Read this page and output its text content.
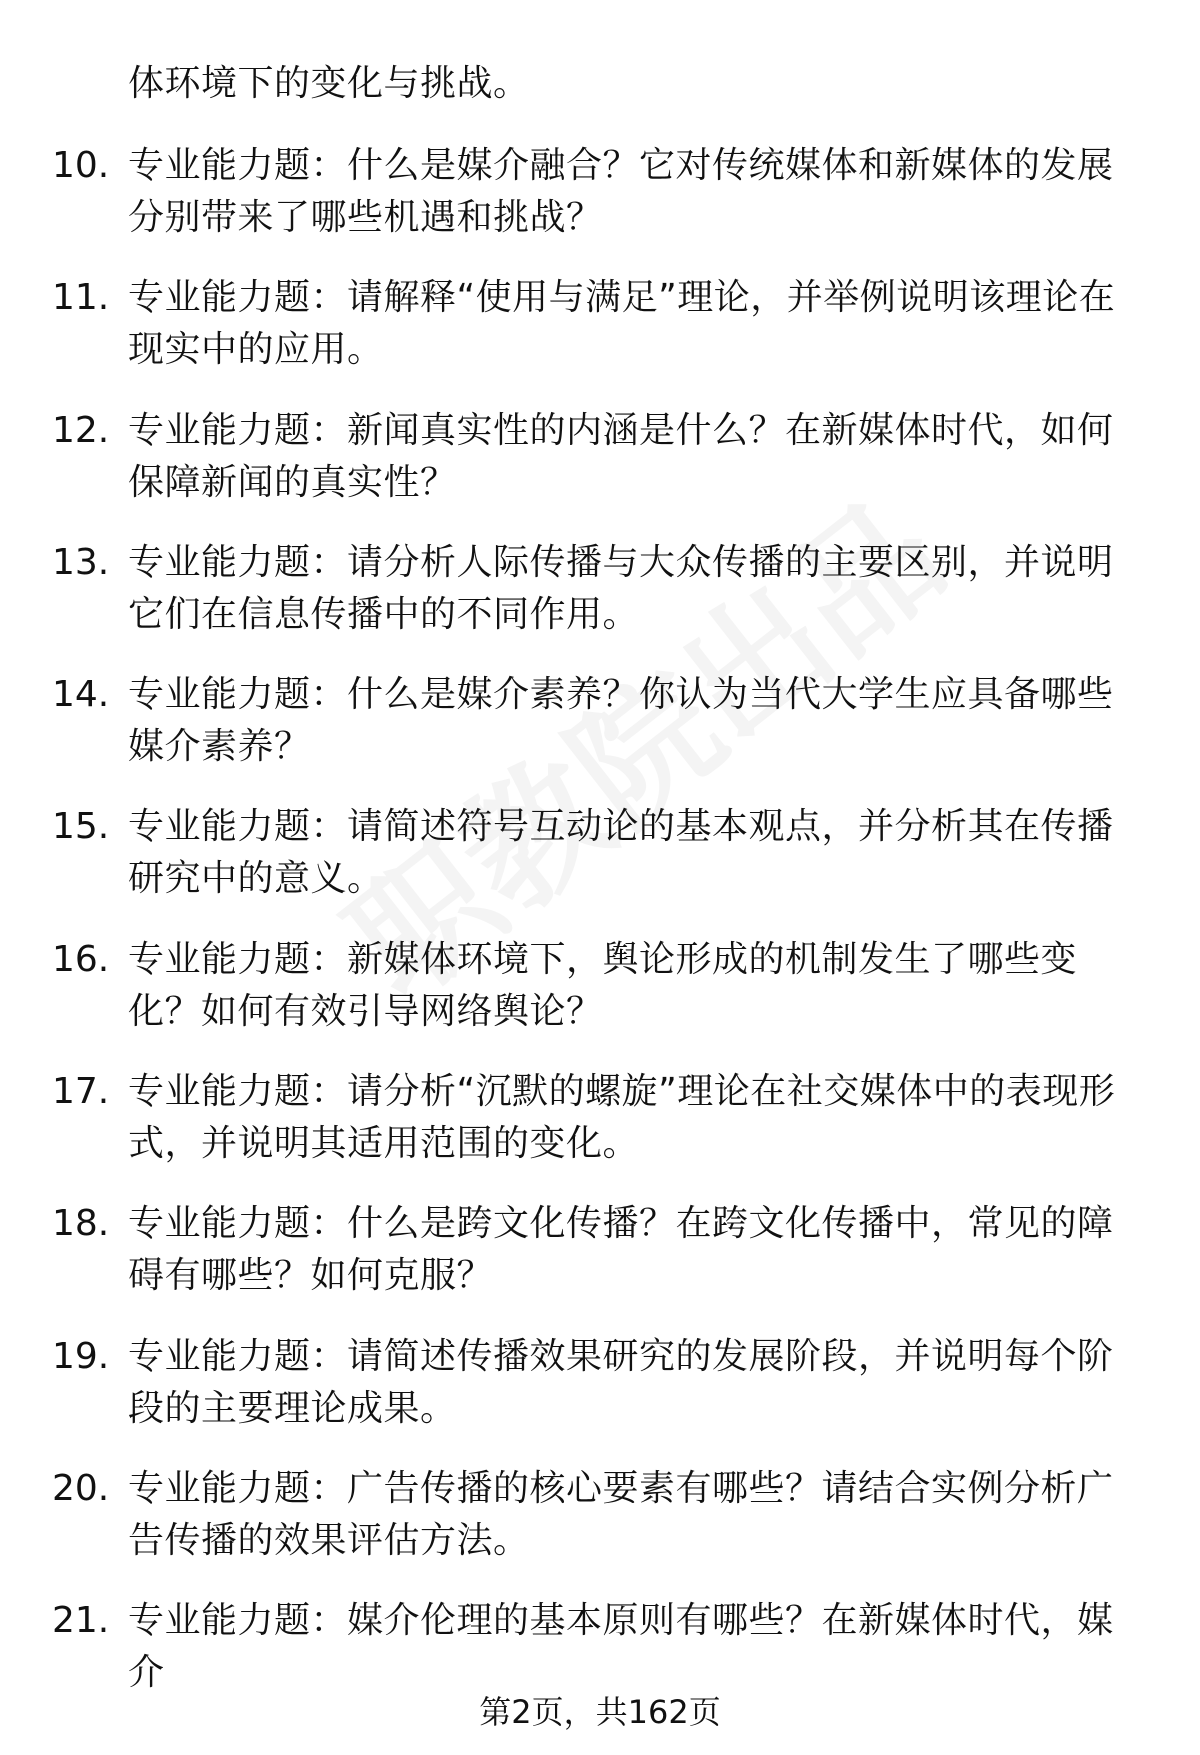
体环境下的变化与挑战。
10. 专业能力题：什么是媒介融合？它对传统媒体和新媒体的发展分别带来了哪些机遇和挑战？
11. 专业能力题：请解释“使用与满足”理论，并举例说明该理论在现实中的应用。
12. 专业能力题：新闻真实性的内涵是什么？在新媒体时代，如何保障新闻的真实性？
13. 专业能力题：请分析人际传播与大众传播的主要区别，并说明它们在信息传播中的不同作用。
14. 专业能力题：什么是媒介素养？你认为当代大学生应具备哪些媒介素养？
15. 专业能力题：请简述符号互动论的基本观点，并分析其在传播研究中的意义。
16. 专业能力题：新媒体环境下，舆论形成的机制发生了哪些变化？如何有效引导网络舆论？
17. 专业能力题：请分析“沉默的螺旋”理论在社交媒体中的表现形式，并说明其适用范围的变化。
18. 专业能力题：什么是跨文化传播？在跨文化传播中，常见的障碍有哪些？如何克服？
19. 专业能力题：请简述传播效果研究的发展阶段，并说明每个阶段的主要理论成果。
20. 专业能力题：广告传播的核心要素有哪些？请结合实例分析广告传播的效果评估方法。
21. 专业能力题：媒介伦理的基本原则有哪些？在新媒体时代，媒介
第2页，共162页
